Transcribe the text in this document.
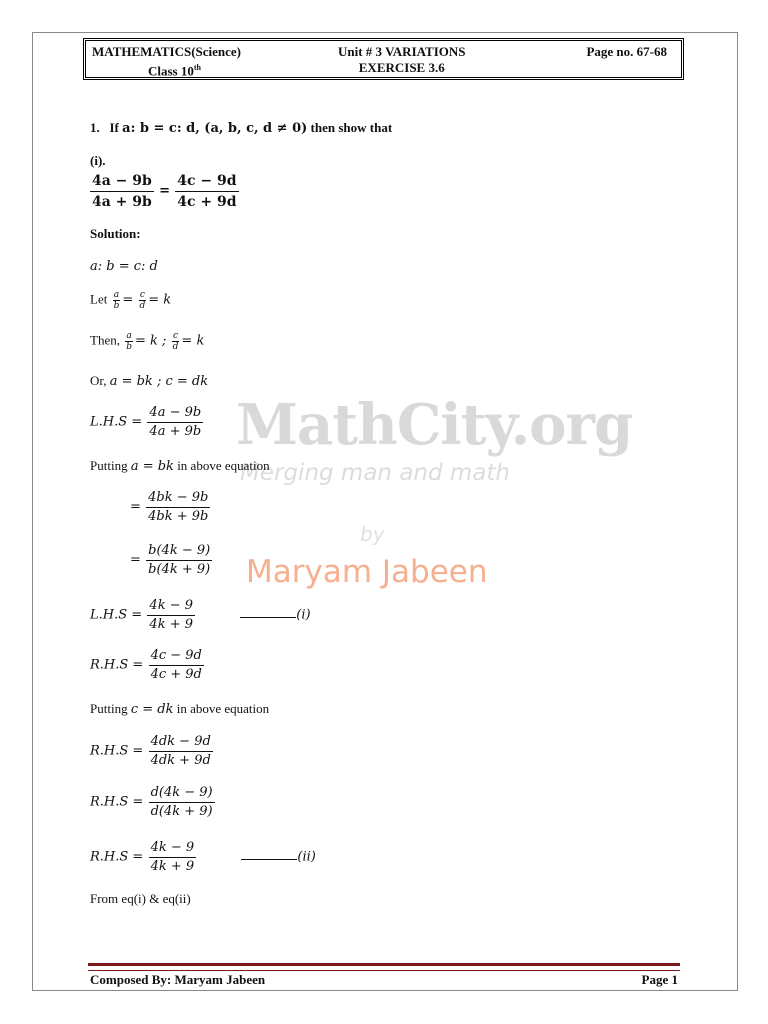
MATHEMATICS(Science)
Class 10th
Unit # 3 VARIATIONS
EXERCISE 3.6
Page no. 67-68
MathCity.org
Merging man and math
by
Maryam Jabeen
1. If a: b = c: d, (a, b, c, d ≠ 0) then show that
(i).
$\frac{4a - 9b}{4a + 9b} = \frac{4c - 9d}{4c + 9d}$
Solution:
a: b = c: d
Let $\frac{a}{b} = \frac{c}{d} = k$
Then, $\frac{a}{b} = k$ ; $\frac{c}{d} = k$
Or, a = bk ; c = dk
$L.H.S = \frac{4a - 9b}{4a + 9b}$
Putting a = bk in above equation
= $\frac{4bk - 9b}{4bk + 9b}$
= $\frac{b(4k - 9)}{b(4k + 9)}$
$L.H.S = \frac{4k - 9}{4k + 9}$	(i)
$R.H.S = \frac{4c - 9d}{4c + 9d}$
Putting c = dk in above equation
$R.H.S = \frac{4dk - 9d}{4dk + 9d}$
$R.H.S = \frac{d(4k - 9)}{d(4k + 9)}$
$R.H.S = \frac{4k - 9}{4k + 9}$	(ii)
From eq(i) & eq(ii)
Composed By: Maryam Jabeen	Page 1
